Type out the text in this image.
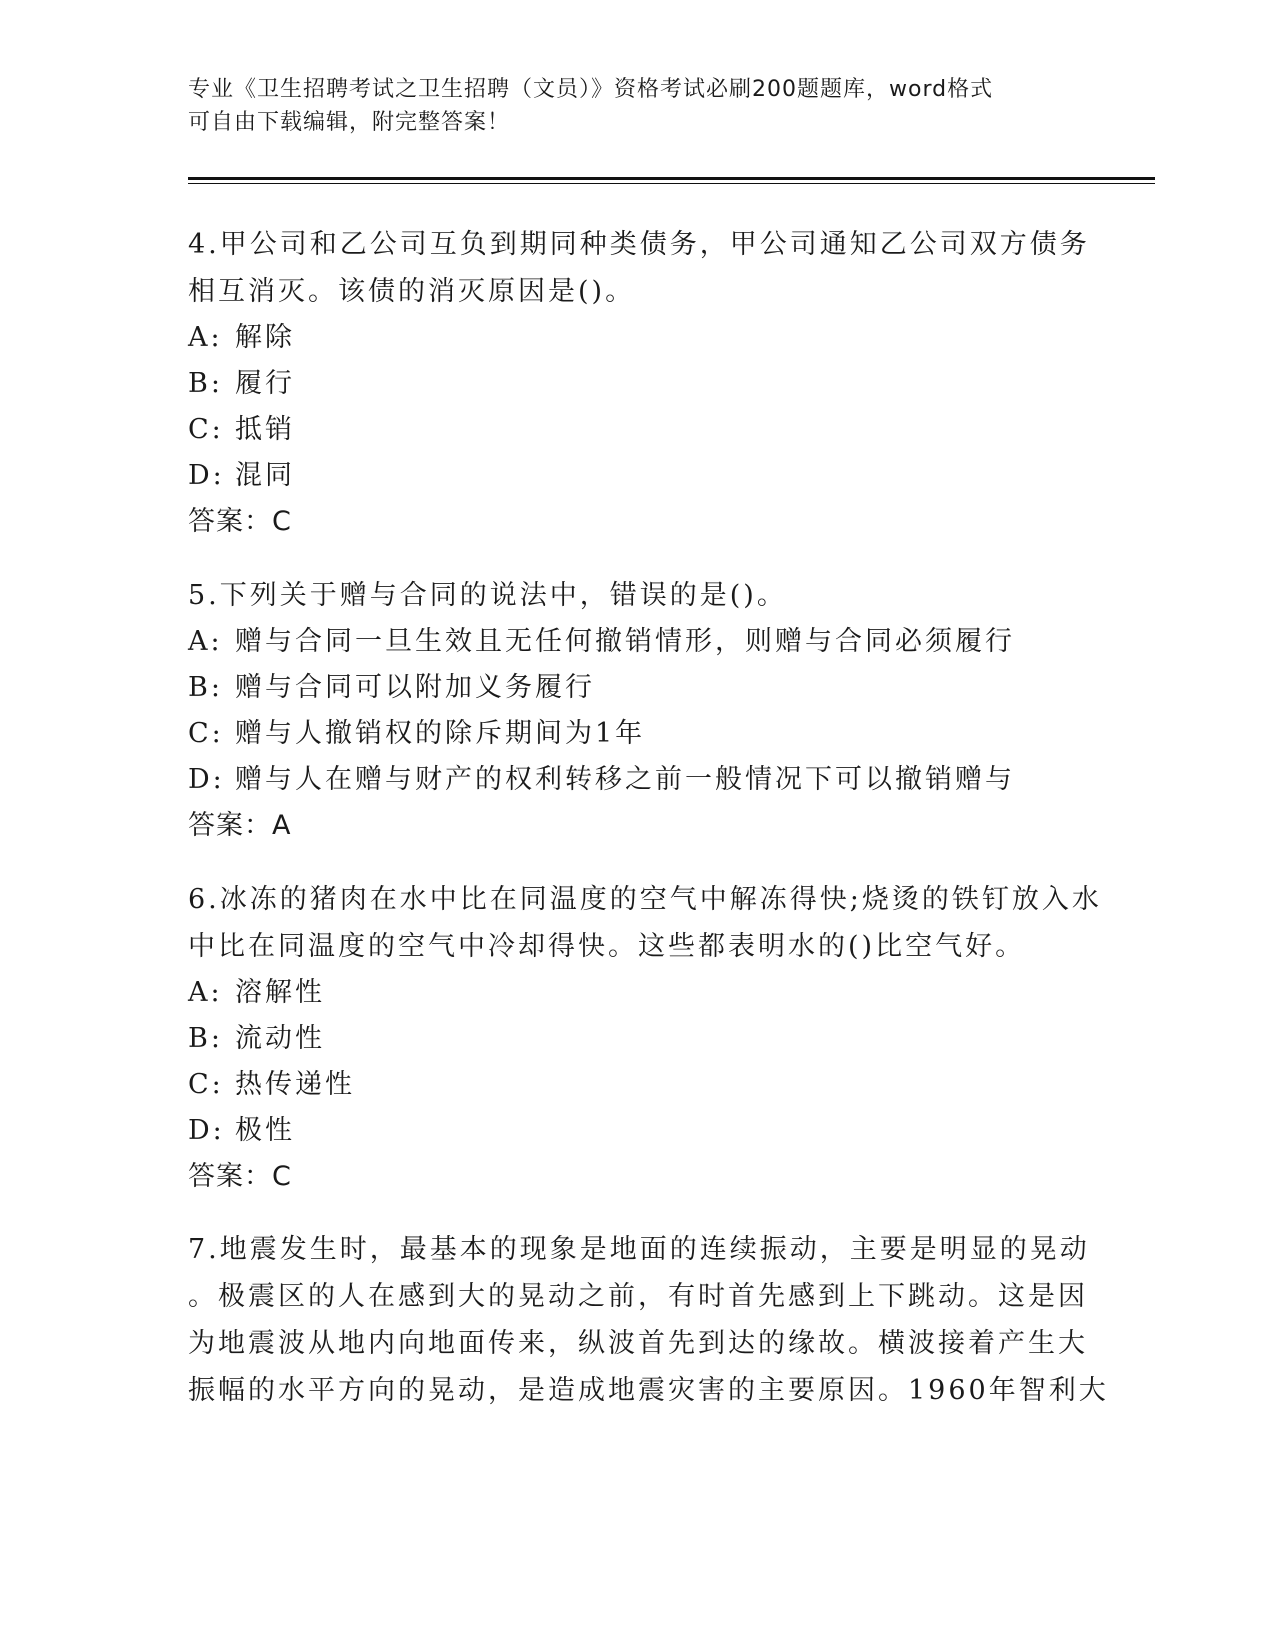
专业《卫生招聘考试之卫生招聘（文员）》资格考试必刷200题题库，word格式
可自由下载编辑，附完整答案！
4.甲公司和乙公司互负到期同种类债务，甲公司通知乙公司双方债务
相互消灭。该债的消灭原因是()。
A: 解除
B: 履行
C: 抵销
D: 混同
答案：C
5.下列关于赠与合同的说法中，错误的是()。
A: 赠与合同一旦生效且无任何撤销情形，则赠与合同必须履行
B: 赠与合同可以附加义务履行
C: 赠与人撤销权的除斥期间为1年
D: 赠与人在赠与财产的权利转移之前一般情况下可以撤销赠与
答案：A
6.冰冻的猪肉在水中比在同温度的空气中解冻得快;烧烫的铁钉放入水
中比在同温度的空气中冷却得快。这些都表明水的()比空气好。
A: 溶解性
B: 流动性
C: 热传递性
D: 极性
答案：C
7.地震发生时，最基本的现象是地面的连续振动，主要是明显的晃动
。极震区的人在感到大的晃动之前，有时首先感到上下跳动。这是因
为地震波从地内向地面传来，纵波首先到达的缘故。横波接着产生大
振幅的水平方向的晃动，是造成地震灾害的主要原因。1960年智利大
